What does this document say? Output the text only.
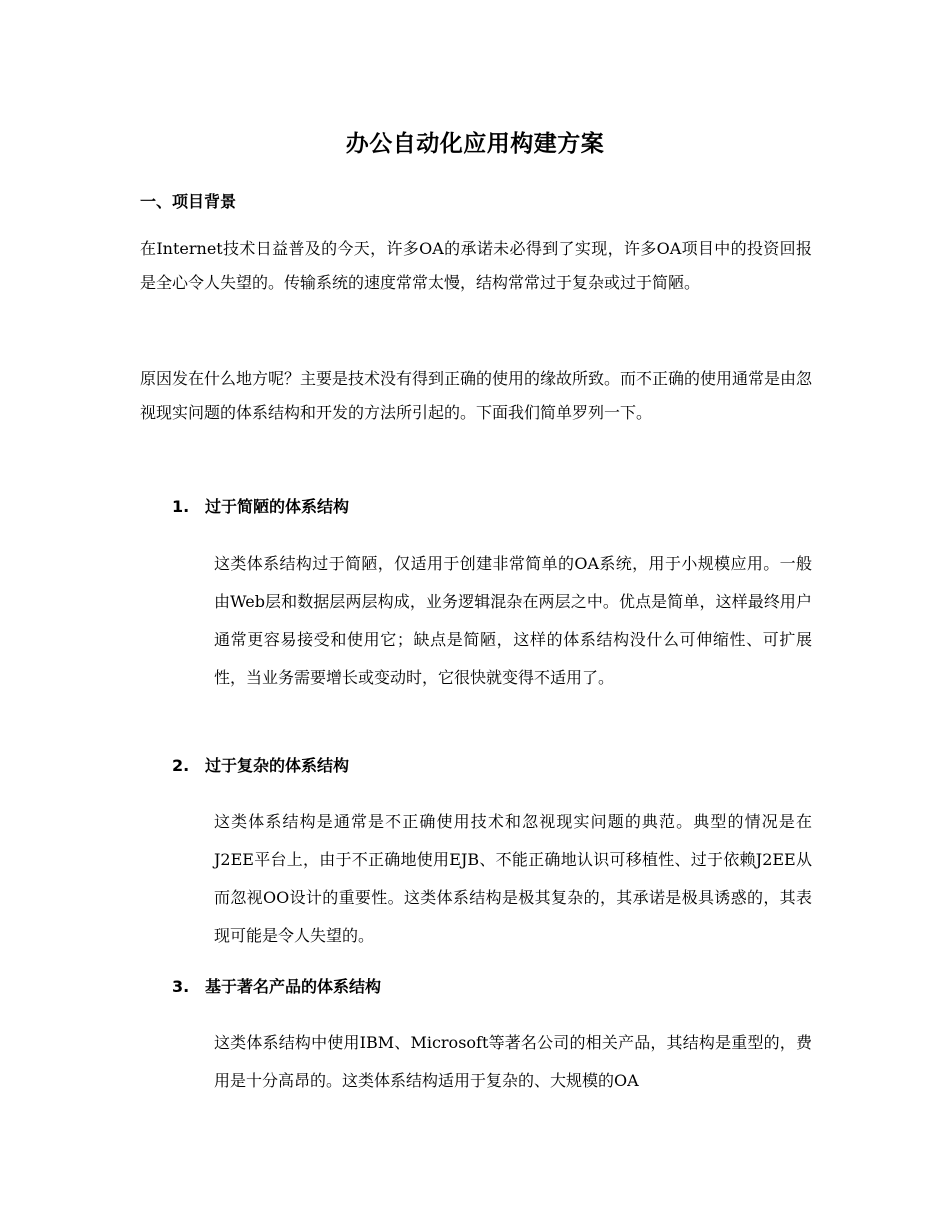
办公自动化应用构建方案
一、项目背景

在Internet技术日益普及的今天，许多OA的承诺未必得到了实现，许多OA项目中的投资回报是全心令人失望的。传输系统的速度常常太慢，结构常常过于复杂或过于简陋。

原因发在什么地方呢？主要是技术没有得到正确的使用的缘故所致。而不正确的使用通常是由忽视现实问题的体系结构和开发的方法所引起的。下面我们简单罗列一下。

1. 过于简陋的体系结构

这类体系结构过于简陋，仅适用于创建非常简单的OA系统，用于小规模应用。一般由Web层和数据层两层构成，业务逻辑混杂在两层之中。优点是简单，这样最终用户通常更容易接受和使用它；缺点是简陋，这样的体系结构没什么可伸缩性、可扩展性，当业务需要增长或变动时，它很快就变得不适用了。

2. 过于复杂的体系结构

这类体系结构是通常是不正确使用技术和忽视现实问题的典范。典型的情况是在J2EE平台上，由于不正确地使用EJB、不能正确地认识可移植性、过于依赖J2EE从而忽视OO设计的重要性。这类体系结构是极其复杂的，其承诺是极具诱惑的，其表现可能是令人失望的。

3. 基于著名产品的体系结构

这类体系结构中使用IBM、Microsoft等著名公司的相关产品，其结构是重型的，费用是十分高昂的。这类体系结构适用于复杂的、大规模的OA
